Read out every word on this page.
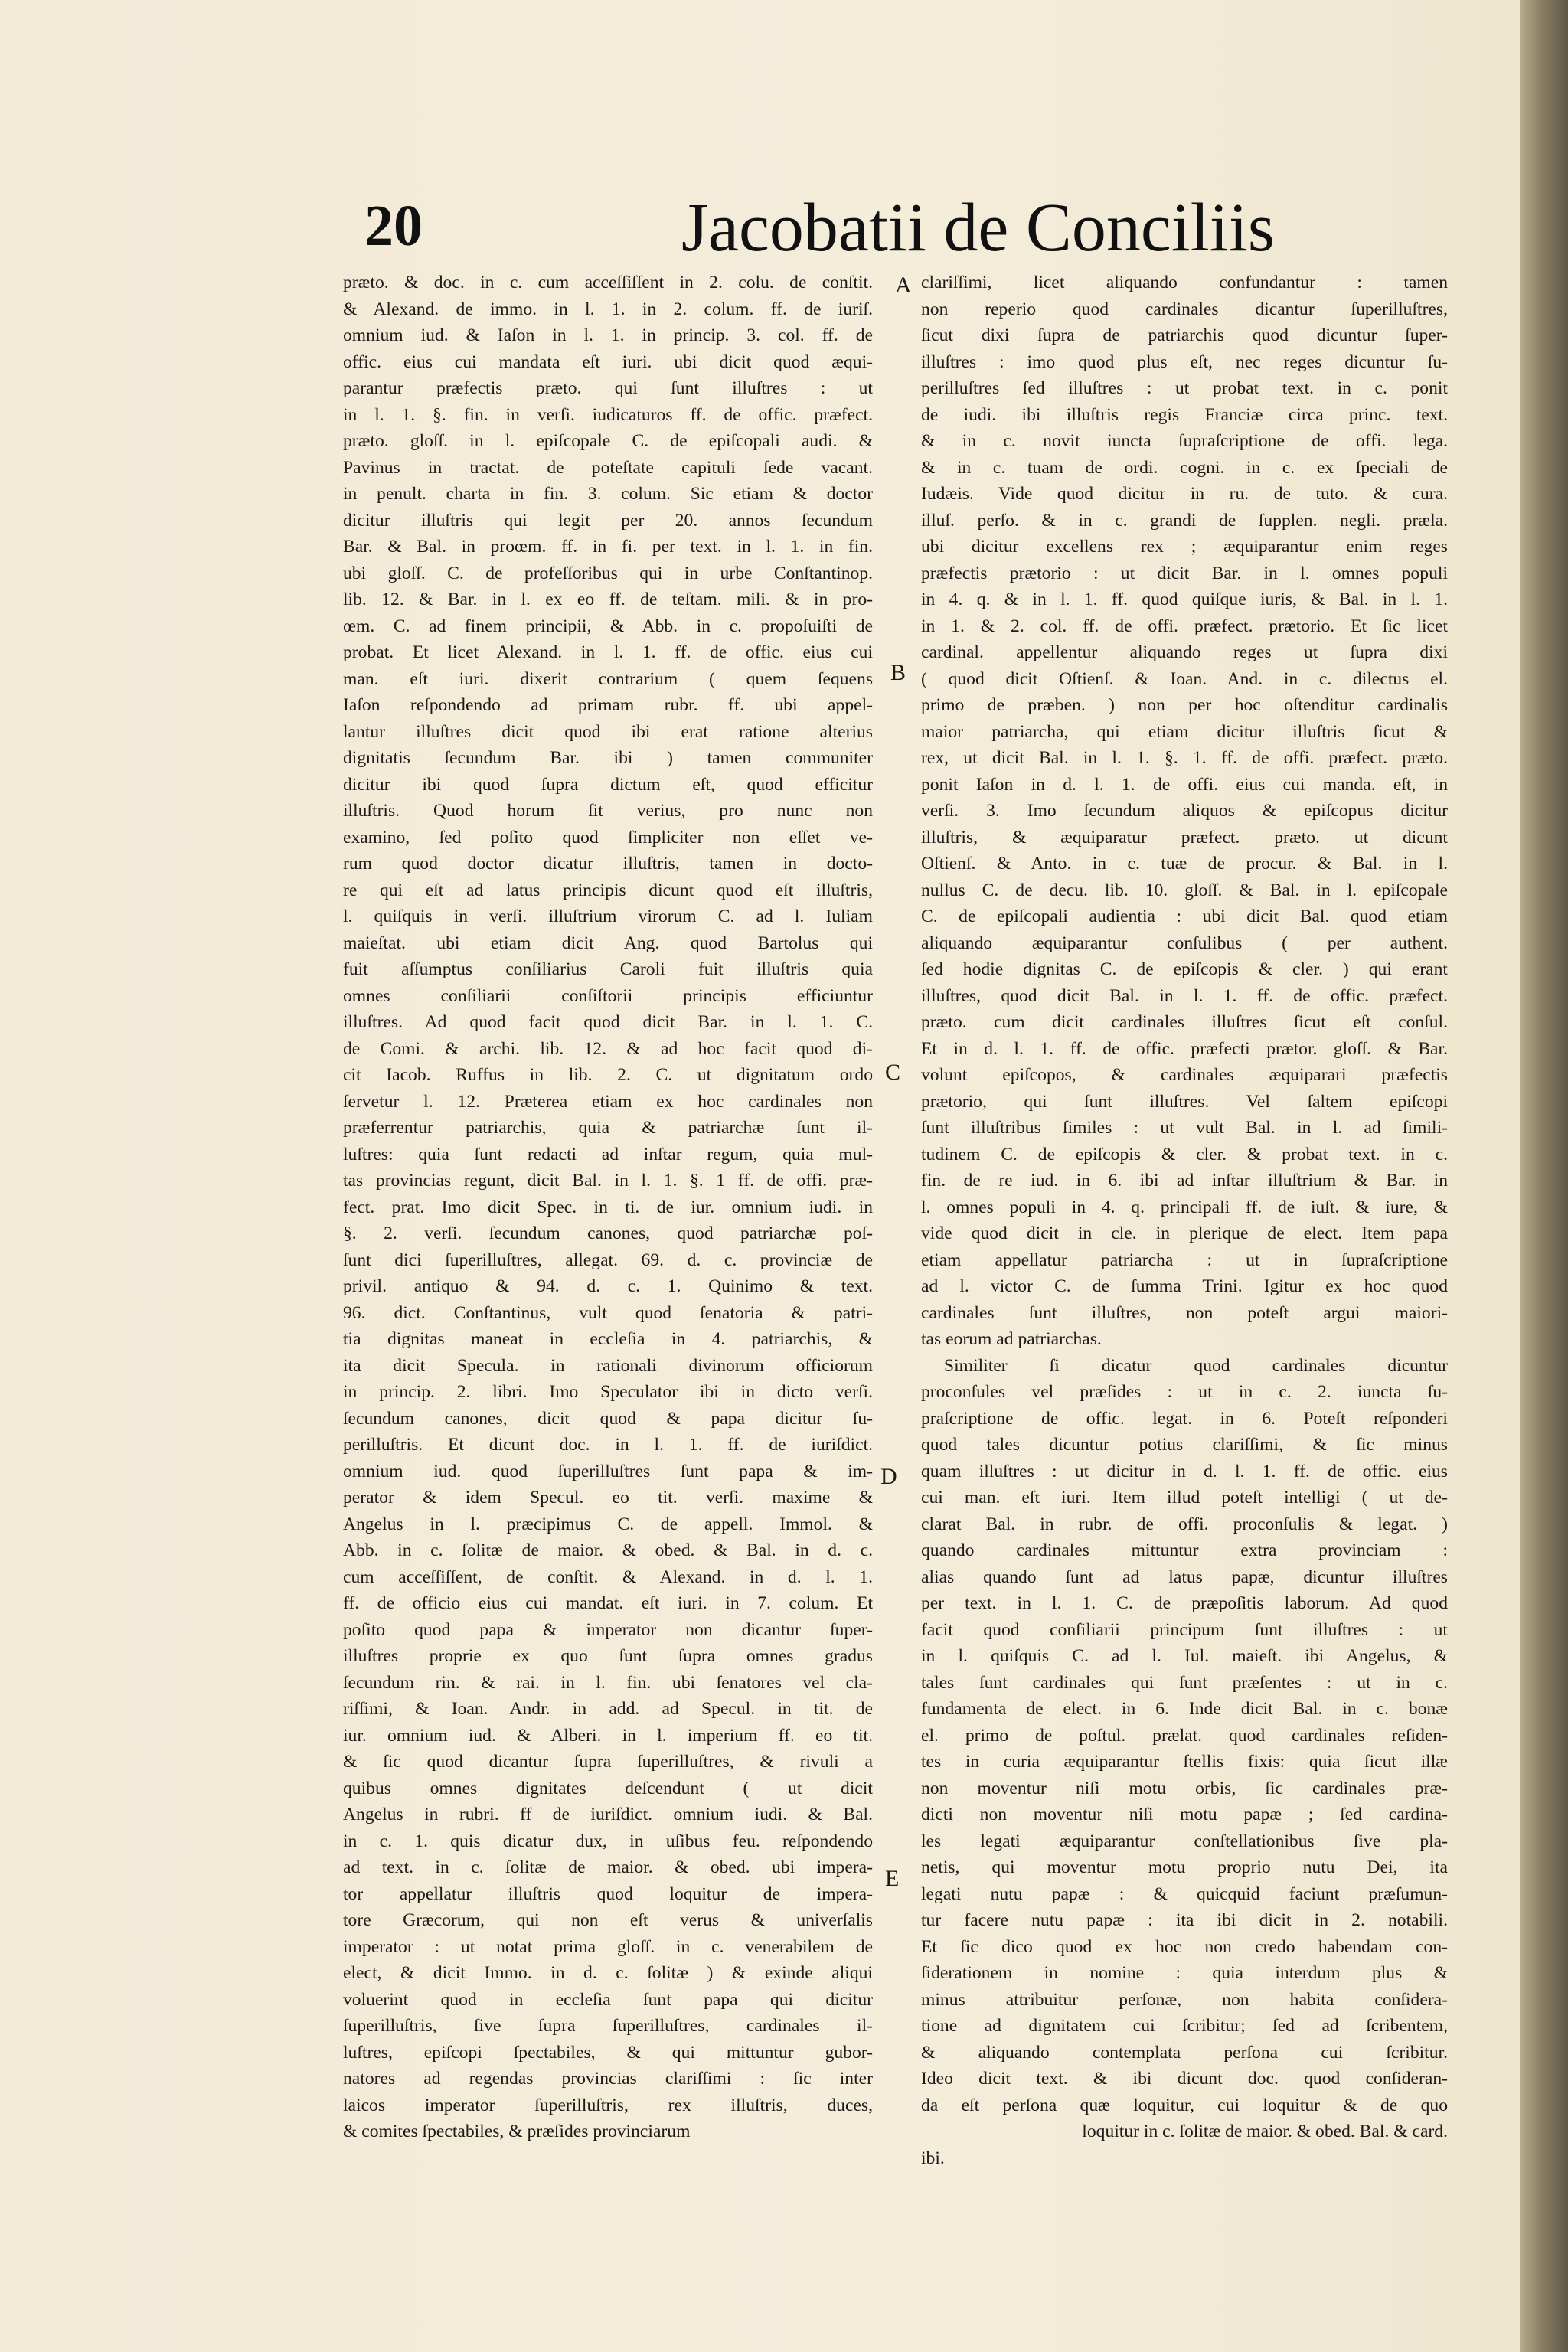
20	Jacobatii de Conciliis
præto. & doc. in c. cum acceſſiſſent in 2. colu. de conſtit.
& Alexand. de immo. in l. 1. in 2. colum. ff. de iuriſ.
omnium iud. & Iaſon in l. 1. in princip. 3. col. ff. de
offic. eius cui mandata eſt iuri. ubi dicit quod æqui-
parantur præfectis præto. qui ſunt illuſtres : ut
in l. 1. §. fin. in verſi. iudicaturos ff. de offic. præfect.
præto. gloſſ. in l. epiſcopale C. de epiſcopali audi. &
Pavinus in tractat. de poteſtate capituli ſede vacant.
in penult. charta in fin. 3. colum. Sic etiam & doctor
dicitur illuſtris qui legit per 20. annos ſecundum
Bar. & Bal. in proœm. ff. in fi. per text. in l. 1. in fin.
ubi gloſſ. C. de profeſſoribus qui in urbe Conſtantinop.
lib. 12. & Bar. in l. ex eo ff. de teſtam. mili. & in pro-
œm. C. ad finem principii, & Abb. in c. propoſuiſti de
probat. Et licet Alexand. in l. 1. ff. de offic. eius cui
man. eſt iuri. dixerit contrarium ( quem ſequens
Iaſon reſpondendo ad primam rubr. ff. ubi appel-
lantur illuſtres dicit quod ibi erat ratione alterius
dignitatis ſecundum Bar. ibi ) tamen communiter
dicitur ibi quod ſupra dictum eſt, quod efficitur
illuſtris. Quod horum ſit verius, pro nunc non
examino, ſed poſito quod ſimpliciter non eſſet ve-
rum quod doctor dicatur illuſtris, tamen in docto-
re qui eſt ad latus principis dicunt quod eſt illuſtris,
l. quiſquis in verſi. illuſtrium virorum C. ad l. Iuliam
maieſtat. ubi etiam dicit Ang. quod Bartolus qui
fuit aſſumptus conſiliarius Caroli fuit illuſtris quia
omnes conſiliarii conſiſtorii principis efficiuntur
illuſtres. Ad quod facit quod dicit Bar. in l. 1. C.
de Comi. & archi. lib. 12. & ad hoc facit quod di-
cit Iacob. Ruffus in lib. 2. C. ut dignitatum ordo
ſervetur l. 12. Præterea etiam ex hoc cardinales non
præferrentur patriarchis, quia & patriarchæ ſunt il-
luſtres: quia ſunt redacti ad inſtar regum, quia mul-
tas provincias regunt, dicit Bal. in l. 1. §. 1 ff. de offi. præ-
fect. prat. Imo dicit Spec. in ti. de iur. omnium iudi. in
§. 2. verſi. ſecundum canones, quod patriarchæ poſ-
ſunt dici ſuperilluſtres, allegat. 69. d. c. provinciæ de
privil. antiquo & 94. d. c. 1. Quinimo & text.
96. dict. Conſtantinus, vult quod ſenatoria & patri-
tia dignitas maneat in eccleſia in 4. patriarchis, &
ita dicit Specula. in rationali divinorum officiorum
in princip. 2. libri. Imo Speculator ibi in dicto verſi.
ſecundum canones, dicit quod & papa dicitur ſu-
perilluſtris. Et dicunt doc. in l. 1. ff. de iuriſdict.
omnium iud. quod ſuperilluſtres ſunt papa & im-
perator & idem Specul. eo tit. verſi. maxime &
Angelus in l. præcipimus C. de appell. Immol. &
Abb. in c. ſolitæ de maior. & obed. & Bal. in d. c.
cum acceſſiſſent, de conſtit. & Alexand. in d. l. 1.
ff. de officio eius cui mandat. eſt iuri. in 7. colum. Et
poſito quod papa & imperator non dicantur ſuper-
illuſtres proprie ex quo ſunt ſupra omnes gradus
ſecundum rin. & rai. in l. fin. ubi ſenatores vel cla-
riſſimi, & Ioan. Andr. in add. ad Specul. in tit. de
iur. omnium iud. & Alberi. in l. imperium ff. eo tit.
& ſic quod dicantur ſupra ſuperilluſtres, & rivuli a
quibus omnes dignitates deſcendunt ( ut dicit
Angelus in rubri. ff de iuriſdict. omnium iudi. & Bal.
in c. 1. quis dicatur dux, in uſibus feu. reſpondendo
ad text. in c. ſolitæ de maior. & obed. ubi impera-
tor appellatur illuſtris quod loquitur de impera-
tore Græcorum, qui non eſt verus & univerſalis
imperator : ut notat prima gloſſ. in c. venerabilem de
elect, & dicit Immo. in d. c. ſolitæ ) & exinde aliqui
voluerint quod in eccleſia ſunt papa qui dicitur
ſuperilluſtris, ſive ſupra ſuperilluſtres, cardinales il-
luſtres, epiſcopi ſpectabiles, & qui mittuntur gubor-
natores ad regendas provincias clariſſimi : ſic inter
laicos imperator ſuperilluſtris, rex illuſtris, duces,
& comites ſpectabiles, & præſides provinciarum
clariſſimi, licet aliquando confundantur : tamen
non reperio quod cardinales dicantur ſuperilluſtres,
ſicut dixi ſupra de patriarchis quod dicuntur ſuper-
illuſtres : imo quod plus eſt, nec reges dicuntur ſu-
perilluſtres ſed illuſtres : ut probat text. in c. ponit
de iudi. ibi illuſtris regis Franciæ circa princ. text.
& in c. novit iuncta ſupraſcriptione de offi. lega.
& in c. tuam de ordi. cogni. in c. ex ſpeciali de
Iudæis. Vide quod dicitur in ru. de tuto. & cura.
illuſ. perſo. & in c. grandi de ſupplen. negli. præla.
ubi dicitur excellens rex ; æquiparantur enim reges
præfectis prætorio : ut dicit Bar. in l. omnes populi
in 4. q. & in l. 1. ff. quod quiſque iuris, & Bal. in l. 1.
in 1. & 2. col. ff. de offi. præfect. prætorio. Et ſic licet
cardinal. appellentur aliquando reges ut ſupra dixi
( quod dicit Oſtienſ. & Ioan. And. in c. dilectus el.
primo de præben. ) non per hoc oſtenditur cardinalis
maior patriarcha, qui etiam dicitur illuſtris ſicut &
rex, ut dicit Bal. in l. 1. §. 1. ff. de offi. præfect. præto.
ponit Iaſon in d. l. 1. de offi. eius cui manda. eſt, in
verſi. 3. Imo ſecundum aliquos & epiſcopus dicitur
illuſtris, & æquiparatur præfect. præto. ut dicunt
Oſtienſ. & Anto. in c. tuæ de procur. & Bal. in l.
nullus C. de decu. lib. 10. gloſſ. & Bal. in l. epiſcopale
C. de epiſcopali audientia : ubi dicit Bal. quod etiam
aliquando æquiparantur conſulibus ( per authent.
ſed hodie dignitas C. de epiſcopis & cler. ) qui erant
illuſtres, quod dicit Bal. in l. 1. ff. de offic. præfect.
præto. cum dicit cardinales illuſtres ſicut eſt conſul.
Et in d. l. 1. ff. de offic. præfecti prætor. gloſſ. & Bar.
volunt epiſcopos, & cardinales æquiparari præfectis
prætorio, qui ſunt illuſtres. Vel ſaltem epiſcopi
ſunt illuſtribus ſimiles : ut vult Bal. in l. ad ſimili-
tudinem C. de epiſcopis & cler. & probat text. in c.
fin. de re iud. in 6. ibi ad inſtar illuſtrium & Bar. in
l. omnes populi in 4. q. principali ff. de iuſt. & iure, &
vide quod dicit in cle. in plerique de elect. Item papa
etiam appellatur patriarcha : ut in ſupraſcriptione
ad l. victor C. de ſumma Trini. Igitur ex hoc quod
cardinales ſunt illuſtres, non poteſt argui maiori-
tas eorum ad patriarchas.
Similiter ſi dicatur quod cardinales dicuntur
proconſules vel præſides : ut in c. 2. iuncta ſu-
praſcriptione de offic. legat. in 6. Poteſt reſponderi
quod tales dicuntur potius clariſſimi, & ſic minus
quam illuſtres : ut dicitur in d. l. 1. ff. de offic. eius
cui man. eſt iuri. Item illud poteſt intelligi ( ut de-
clarat Bal. in rubr. de offi. proconſulis & legat. )
quando cardinales mittuntur extra provinciam :
alias quando ſunt ad latus papæ, dicuntur illuſtres
per text. in l. 1. C. de præpoſitis laborum. Ad quod
facit quod conſiliarii principum ſunt illuſtres : ut
in l. quiſquis C. ad l. Iul. maieſt. ibi Angelus, &
tales ſunt cardinales qui ſunt præſentes : ut in c.
fundamenta de elect. in 6. Inde dicit Bal. in c. bonæ
el. primo de poſtul. prælat. quod cardinales reſiden-
tes in curia æquiparantur ſtellis fixis: quia ſicut illæ
non moventur niſi motu orbis, ſic cardinales præ-
dicti non moventur niſi motu papæ ; ſed cardina-
les legati æquiparantur conſtellationibus ſive pla-
netis, qui moventur motu proprio nutu Dei, ita
legati nutu papæ : & quicquid faciunt præſumun-
tur facere nutu papæ : ita ibi dicit in 2. notabili.
Et ſic dico quod ex hoc non credo habendam con-
ſiderationem in nomine : quia interdum plus &
minus attribuitur perſonæ, non habita conſidera-
tione ad dignitatem cui ſcribitur; ſed ad ſcribentem,
& aliquando contemplata perſona cui ſcribitur.
Ideo dicit text. & ibi dicunt doc. quod conſideran-
da eſt perſona quæ loquitur, cui loquitur & de quo
loquitur in c. ſolitæ de maior. & obed. Bal. & card.
ibi.
A
B
C
D
E
